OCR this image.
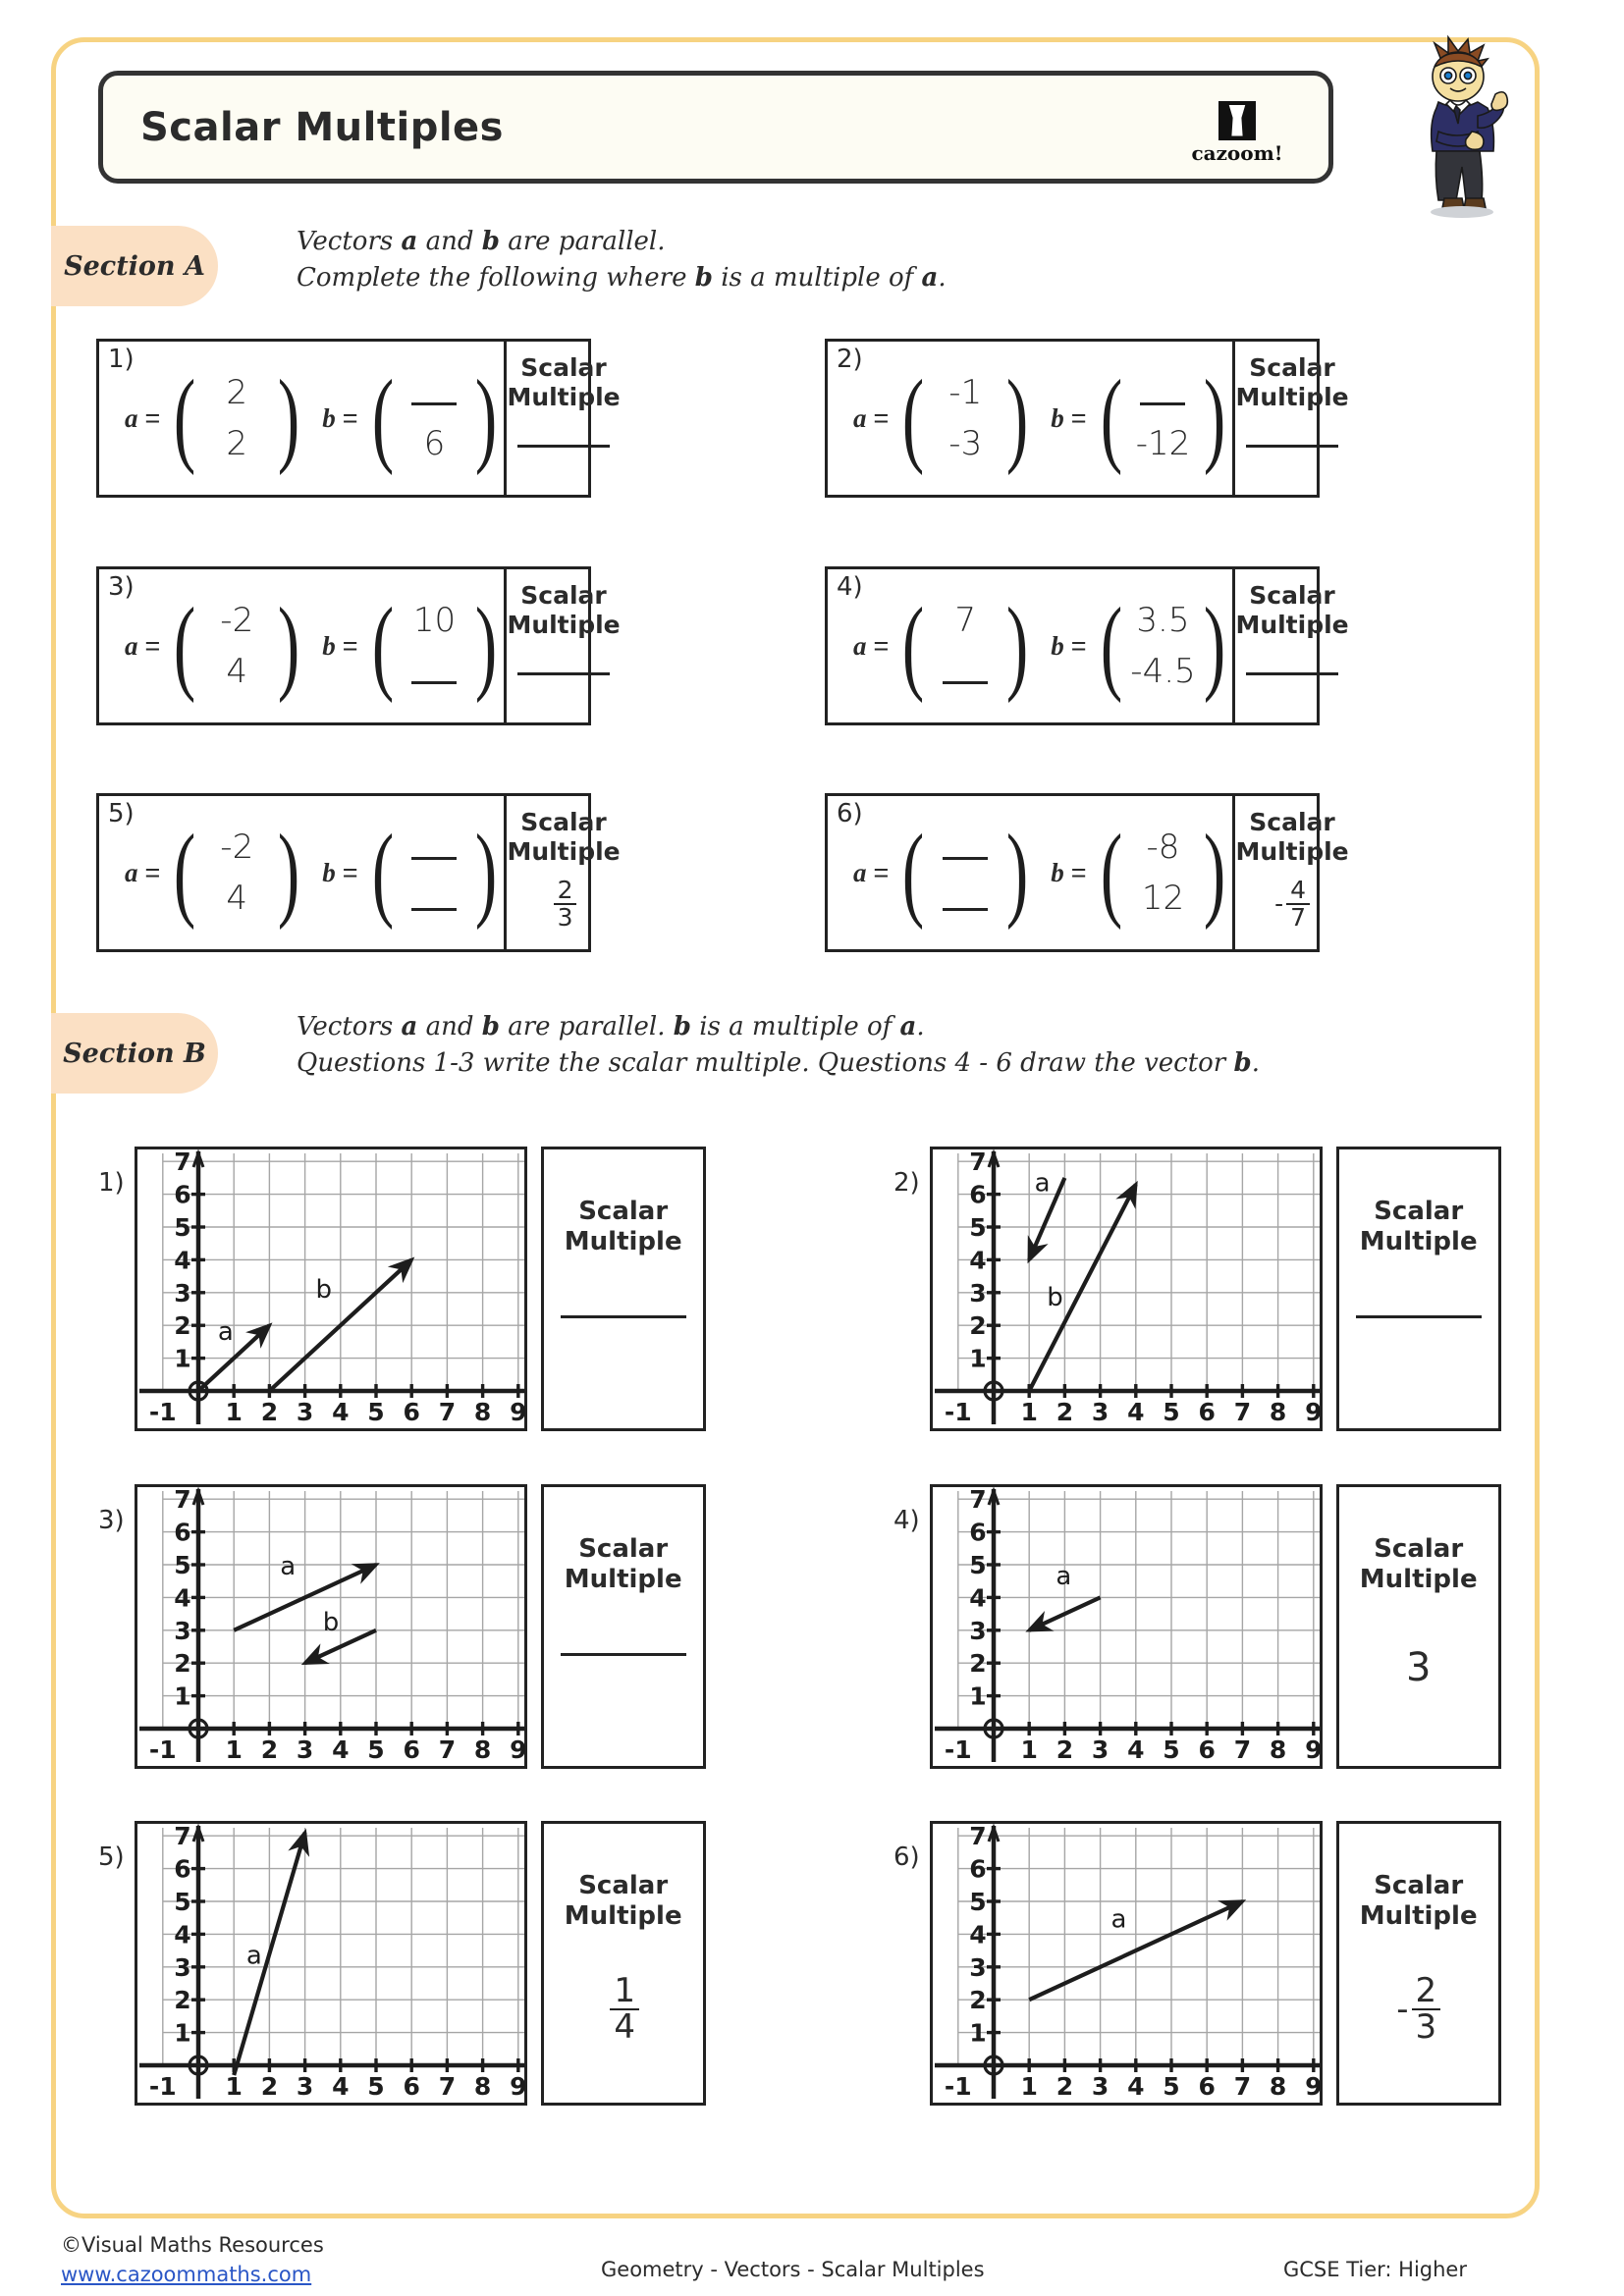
Scalar Multiples
cazoom!
Section A
Vectors a and b are parallel.
Complete the following where b is a multiple of a.
1)
a = ( 2
2 ) b = ( 6 ) Scalar
Multiple
2)
a = ( -1
-3 ) b = ( -12 ) Scalar
Multiple
3)
a = ( -2
4 ) b = ( 10 ) Scalar
Multiple
4)
a = ( 7 ) b = ( 3.5
-4.5 ) Scalar
Multiple
5)
a = ( -2
4 ) b = ( ) Scalar
Multiple
$\frac{2}{3}$
6)
a = ( ) b = ( -8
12 ) Scalar
Multiple
- $\frac{4}{7}$
Section B
Vectors a and b are parallel. b is a multiple of a.
Questions 1-3 write the scalar multiple. Questions 4 - 6 draw the vector b.
1)
7
6
5
4
3
2
1
-1 1 2 3 4 5 6 7 8 9
a
b
Scalar
Multiple
2)
7
6
5
4
3
2
1
-1 1 2 3 4 5 6 7 8 9
a
b
Scalar
Multiple
3)
7
6
5
4
3
2
1
-1 1 2 3 4 5 6 7 8 9
a
b
Scalar
Multiple
4)
7
6
5
4
3
2
1
-1 1 2 3 4 5 6 7 8 9
a
Scalar
Multiple
3
5)
7
6
5
4
3
2
1
-1 1 2 3 4 5 6 7 8 9
a
Scalar
Multiple
$\frac{1}{4}$
6)
7
6
5
4
3
2
1
-1 1 2 3 4 5 6 7 8 9
a
Scalar
Multiple
- $\frac{2}{3}$
©Visual Maths Resources
www.cazoommaths.com	Geometry - Vectors - Scalar Multiples	GCSE Tier: Higher
